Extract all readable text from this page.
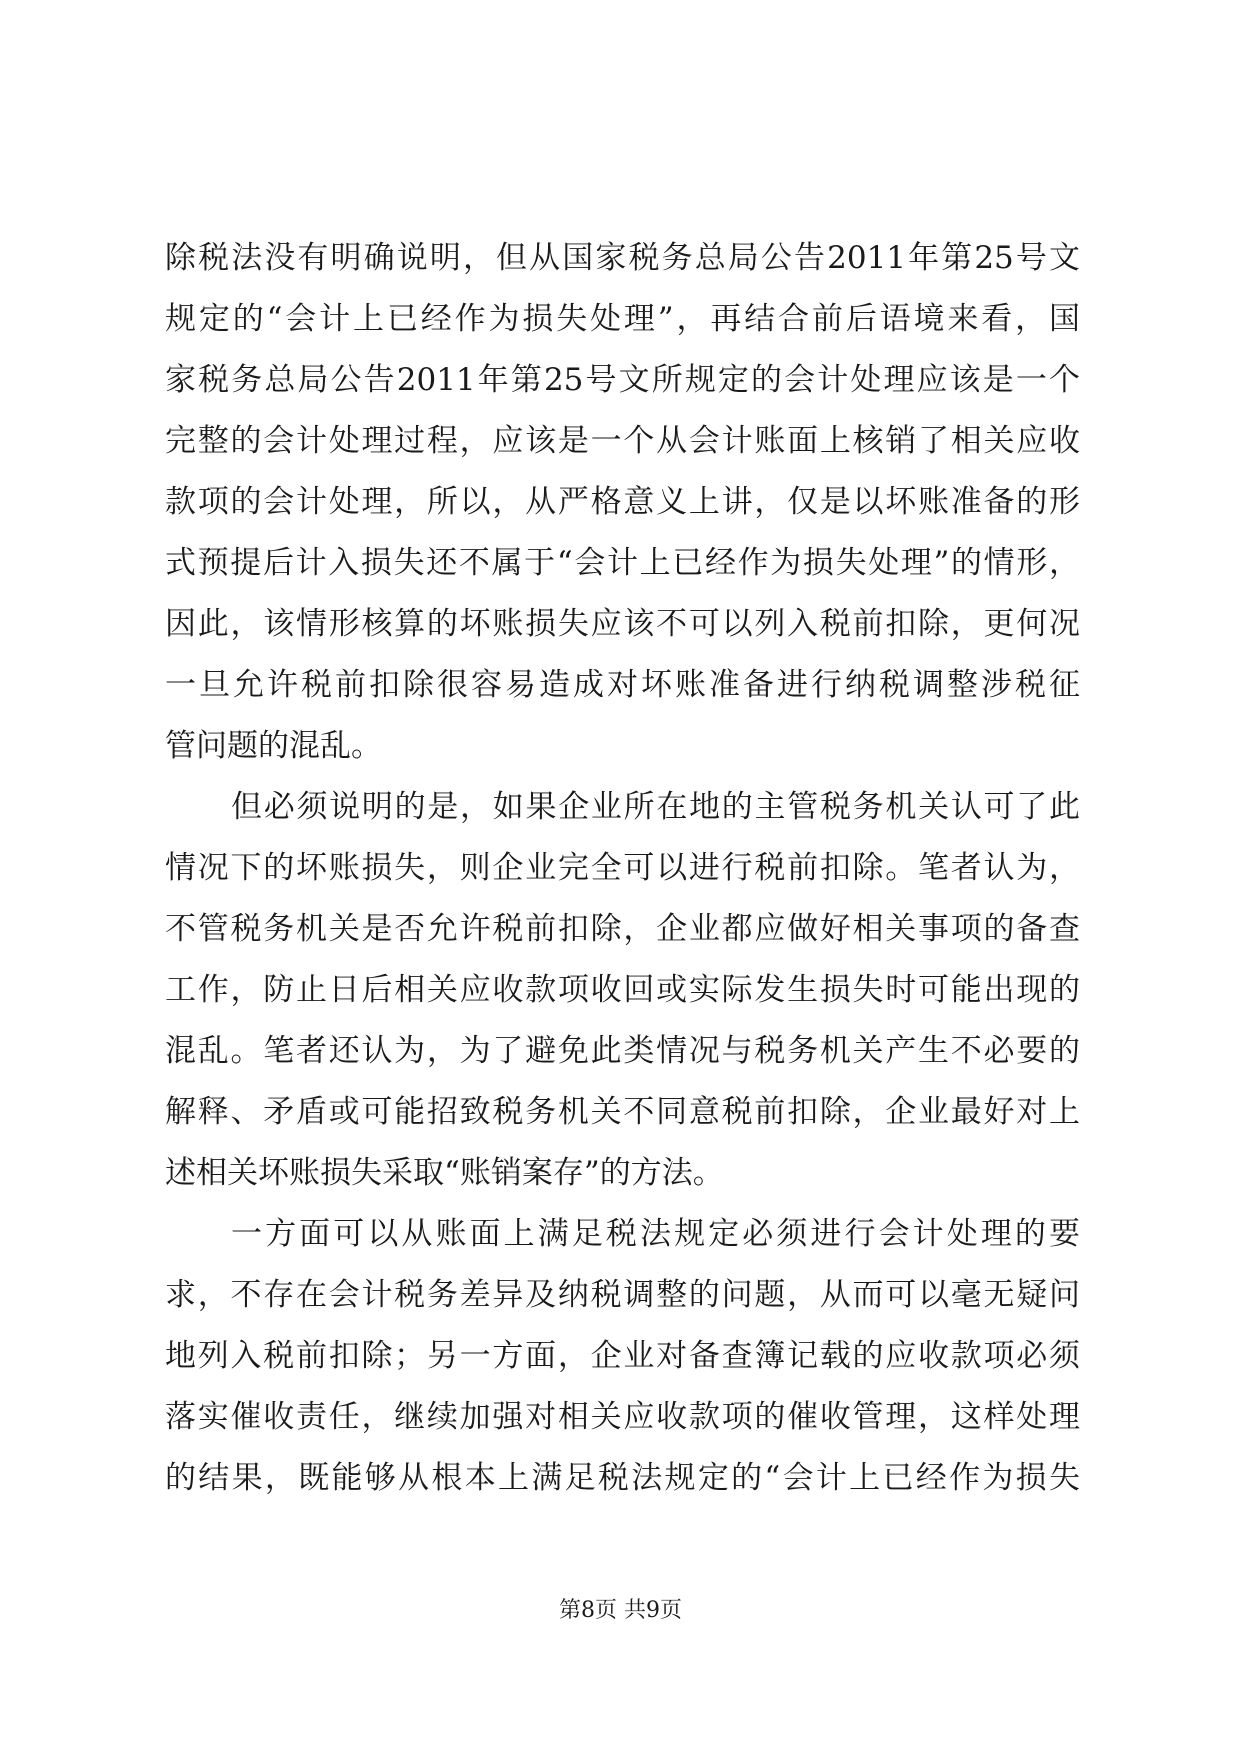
除税法没有明确说明，但从国家税务总局公告2011年第25号文
规定的“会计上已经作为损失处理”，再结合前后语境来看，国
家税务总局公告2011年第25号文所规定的会计处理应该是一个
完整的会计处理过程，应该是一个从会计账面上核销了相关应收
款项的会计处理，所以，从严格意义上讲，仅是以坏账准备的形
式预提后计入损失还不属于“会计上已经作为损失处理”的情形，
因此，该情形核算的坏账损失应该不可以列入税前扣除，更何况
一旦允许税前扣除很容易造成对坏账准备进行纳税调整涉税征
管问题的混乱。
但必须说明的是，如果企业所在地的主管税务机关认可了此
情况下的坏账损失，则企业完全可以进行税前扣除。笔者认为，
不管税务机关是否允许税前扣除，企业都应做好相关事项的备查
工作，防止日后相关应收款项收回或实际发生损失时可能出现的
混乱。笔者还认为，为了避免此类情况与税务机关产生不必要的
解释、矛盾或可能招致税务机关不同意税前扣除，企业最好对上
述相关坏账损失采取“账销案存”的方法。
一方面可以从账面上满足税法规定必须进行会计处理的要
求，不存在会计税务差异及纳税调整的问题，从而可以毫无疑问
地列入税前扣除；另一方面，企业对备查簿记载的应收款项必须
落实催收责任，继续加强对相关应收款项的催收管理，这样处理
的结果，既能够从根本上满足税法规定的“会计上已经作为损失
第8页 共9页
